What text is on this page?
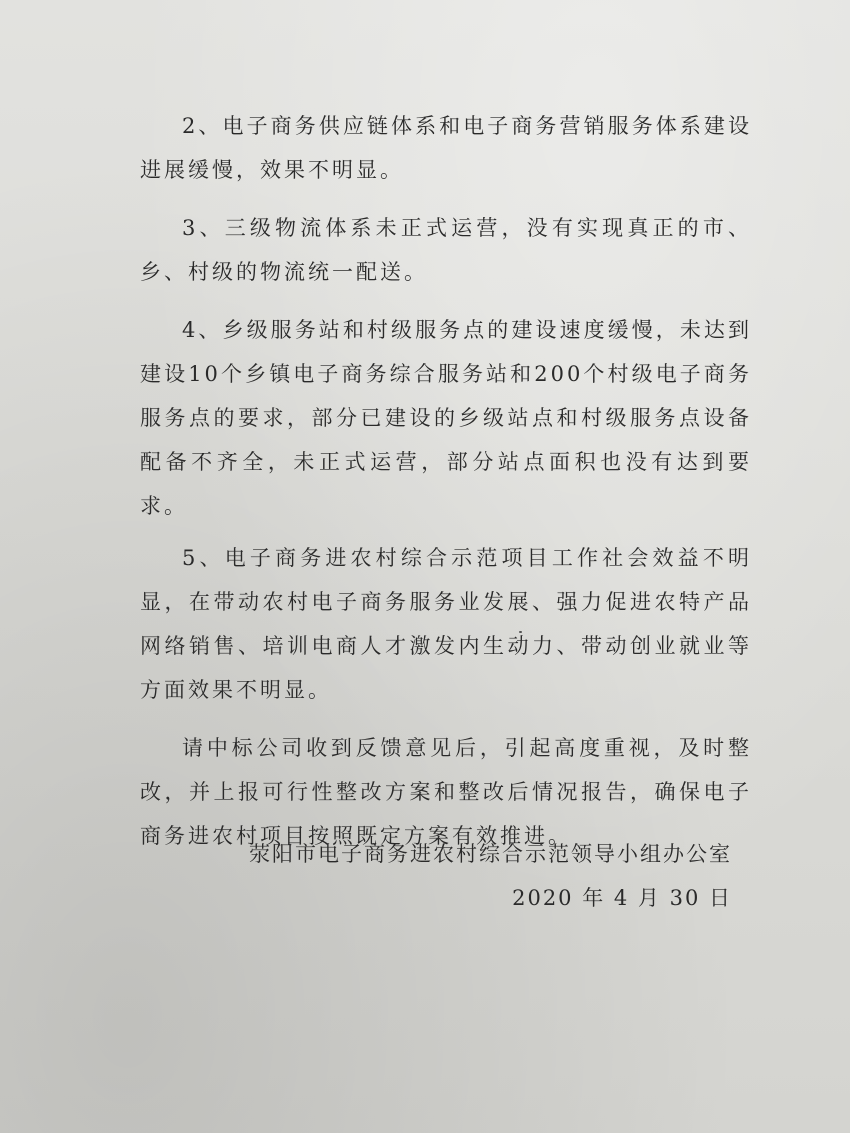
2、电子商务供应链体系和电子商务营销服务体系建设进展缓慢，效果不明显。

3、三级物流体系未正式运营，没有实现真正的市、乡、村级的物流统一配送。

4、乡级服务站和村级服务点的建设速度缓慢，未达到建设10个乡镇电子商务综合服务站和200个村级电子商务服务点的要求，部分已建设的乡级站点和村级服务点设备配备不齐全，未正式运营，部分站点面积也没有达到要求。

5、电子商务进农村综合示范项目工作社会效益不明显，在带动农村电子商务服务业发展、强力促进农特产品网络销售、培训电商人才激发内生动力、带动创业就业等方面效果不明显。

请中标公司收到反馈意见后，引起高度重视，及时整改，并上报可行性整改方案和整改后情况报告，确保电子商务进农村项目按照既定方案有效推进。

荥阳市电子商务进农村综合示范领导小组办公室
2020 年 4 月 30 日
